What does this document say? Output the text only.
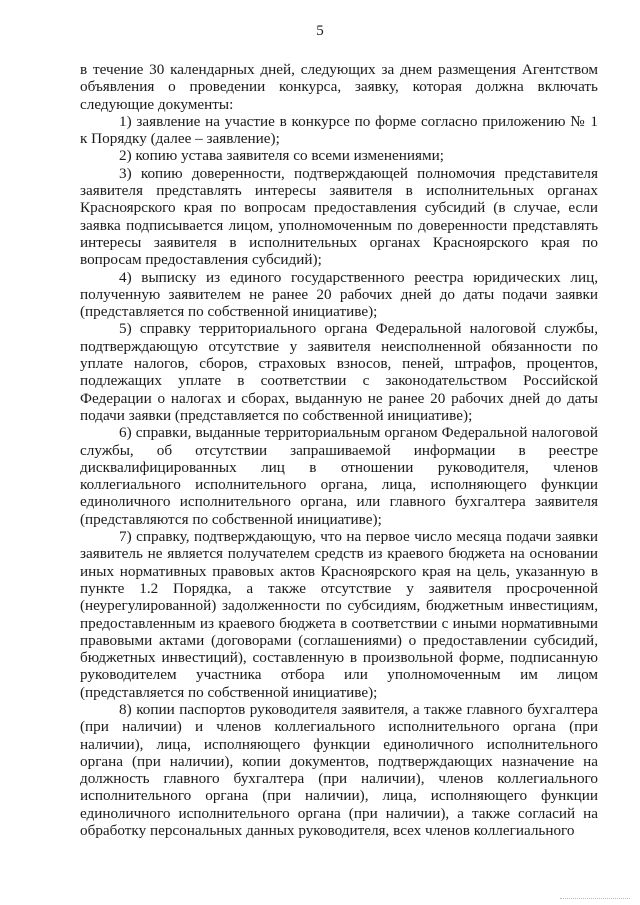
5

в течение 30 календарных дней, следующих за днем размещения Агентством объявления о проведении конкурса, заявку, которая должна включать следующие документы:

1) заявление на участие в конкурсе по форме согласно приложению № 1 к Порядку (далее – заявление);

2) копию устава заявителя со всеми изменениями;

3) копию доверенности, подтверждающей полномочия представителя заявителя представлять интересы заявителя в исполнительных органах Красноярского края по вопросам предоставления субсидий (в случае, если заявка подписывается лицом, уполномоченным по доверенности представлять интересы заявителя в исполнительных органах Красноярского края по вопросам предоставления субсидий);

4) выписку из единого государственного реестра юридических лиц, полученную заявителем не ранее 20 рабочих дней до даты подачи заявки (представляется по собственной инициативе);

5) справку территориального органа Федеральной налоговой службы, подтверждающую отсутствие у заявителя неисполненной обязанности по уплате налогов, сборов, страховых взносов, пеней, штрафов, процентов, подлежащих уплате в соответствии с законодательством Российской Федерации о налогах и сборах, выданную не ранее 20 рабочих дней до даты подачи заявки (представляется по собственной инициативе);

6) справки, выданные территориальным органом Федеральной налоговой службы, об отсутствии запрашиваемой информации в реестре дисквалифицированных лиц в отношении руководителя, членов коллегиального исполнительного органа, лица, исполняющего функции единоличного исполнительного органа, или главного бухгалтера заявителя (представляются по собственной инициативе);

7) справку, подтверждающую, что на первое число месяца подачи заявки заявитель не является получателем средств из краевого бюджета на основании иных нормативных правовых актов Красноярского края на цель, указанную в пункте 1.2 Порядка, а также отсутствие у заявителя просроченной (неурегулированной) задолженности по субсидиям, бюджетным инвестициям, предоставленным из краевого бюджета в соответствии с иными нормативными правовыми актами (договорами (соглашениями) о предоставлении субсидий, бюджетных инвестиций), составленную в произвольной форме, подписанную руководителем участника отбора или уполномоченным им лицом (представляется по собственной инициативе);

8) копии паспортов руководителя заявителя, а также главного бухгалтера (при наличии) и членов коллегиального исполнительного органа (при наличии), лица, исполняющего функции единоличного исполнительного органа (при наличии), копии документов, подтверждающих назначение на должность главного бухгалтера (при наличии), членов коллегиального исполнительного органа (при наличии), лица, исполняющего функции единоличного исполнительного органа (при наличии), а также согласий на обработку персональных данных руководителя, всех членов коллегиального
